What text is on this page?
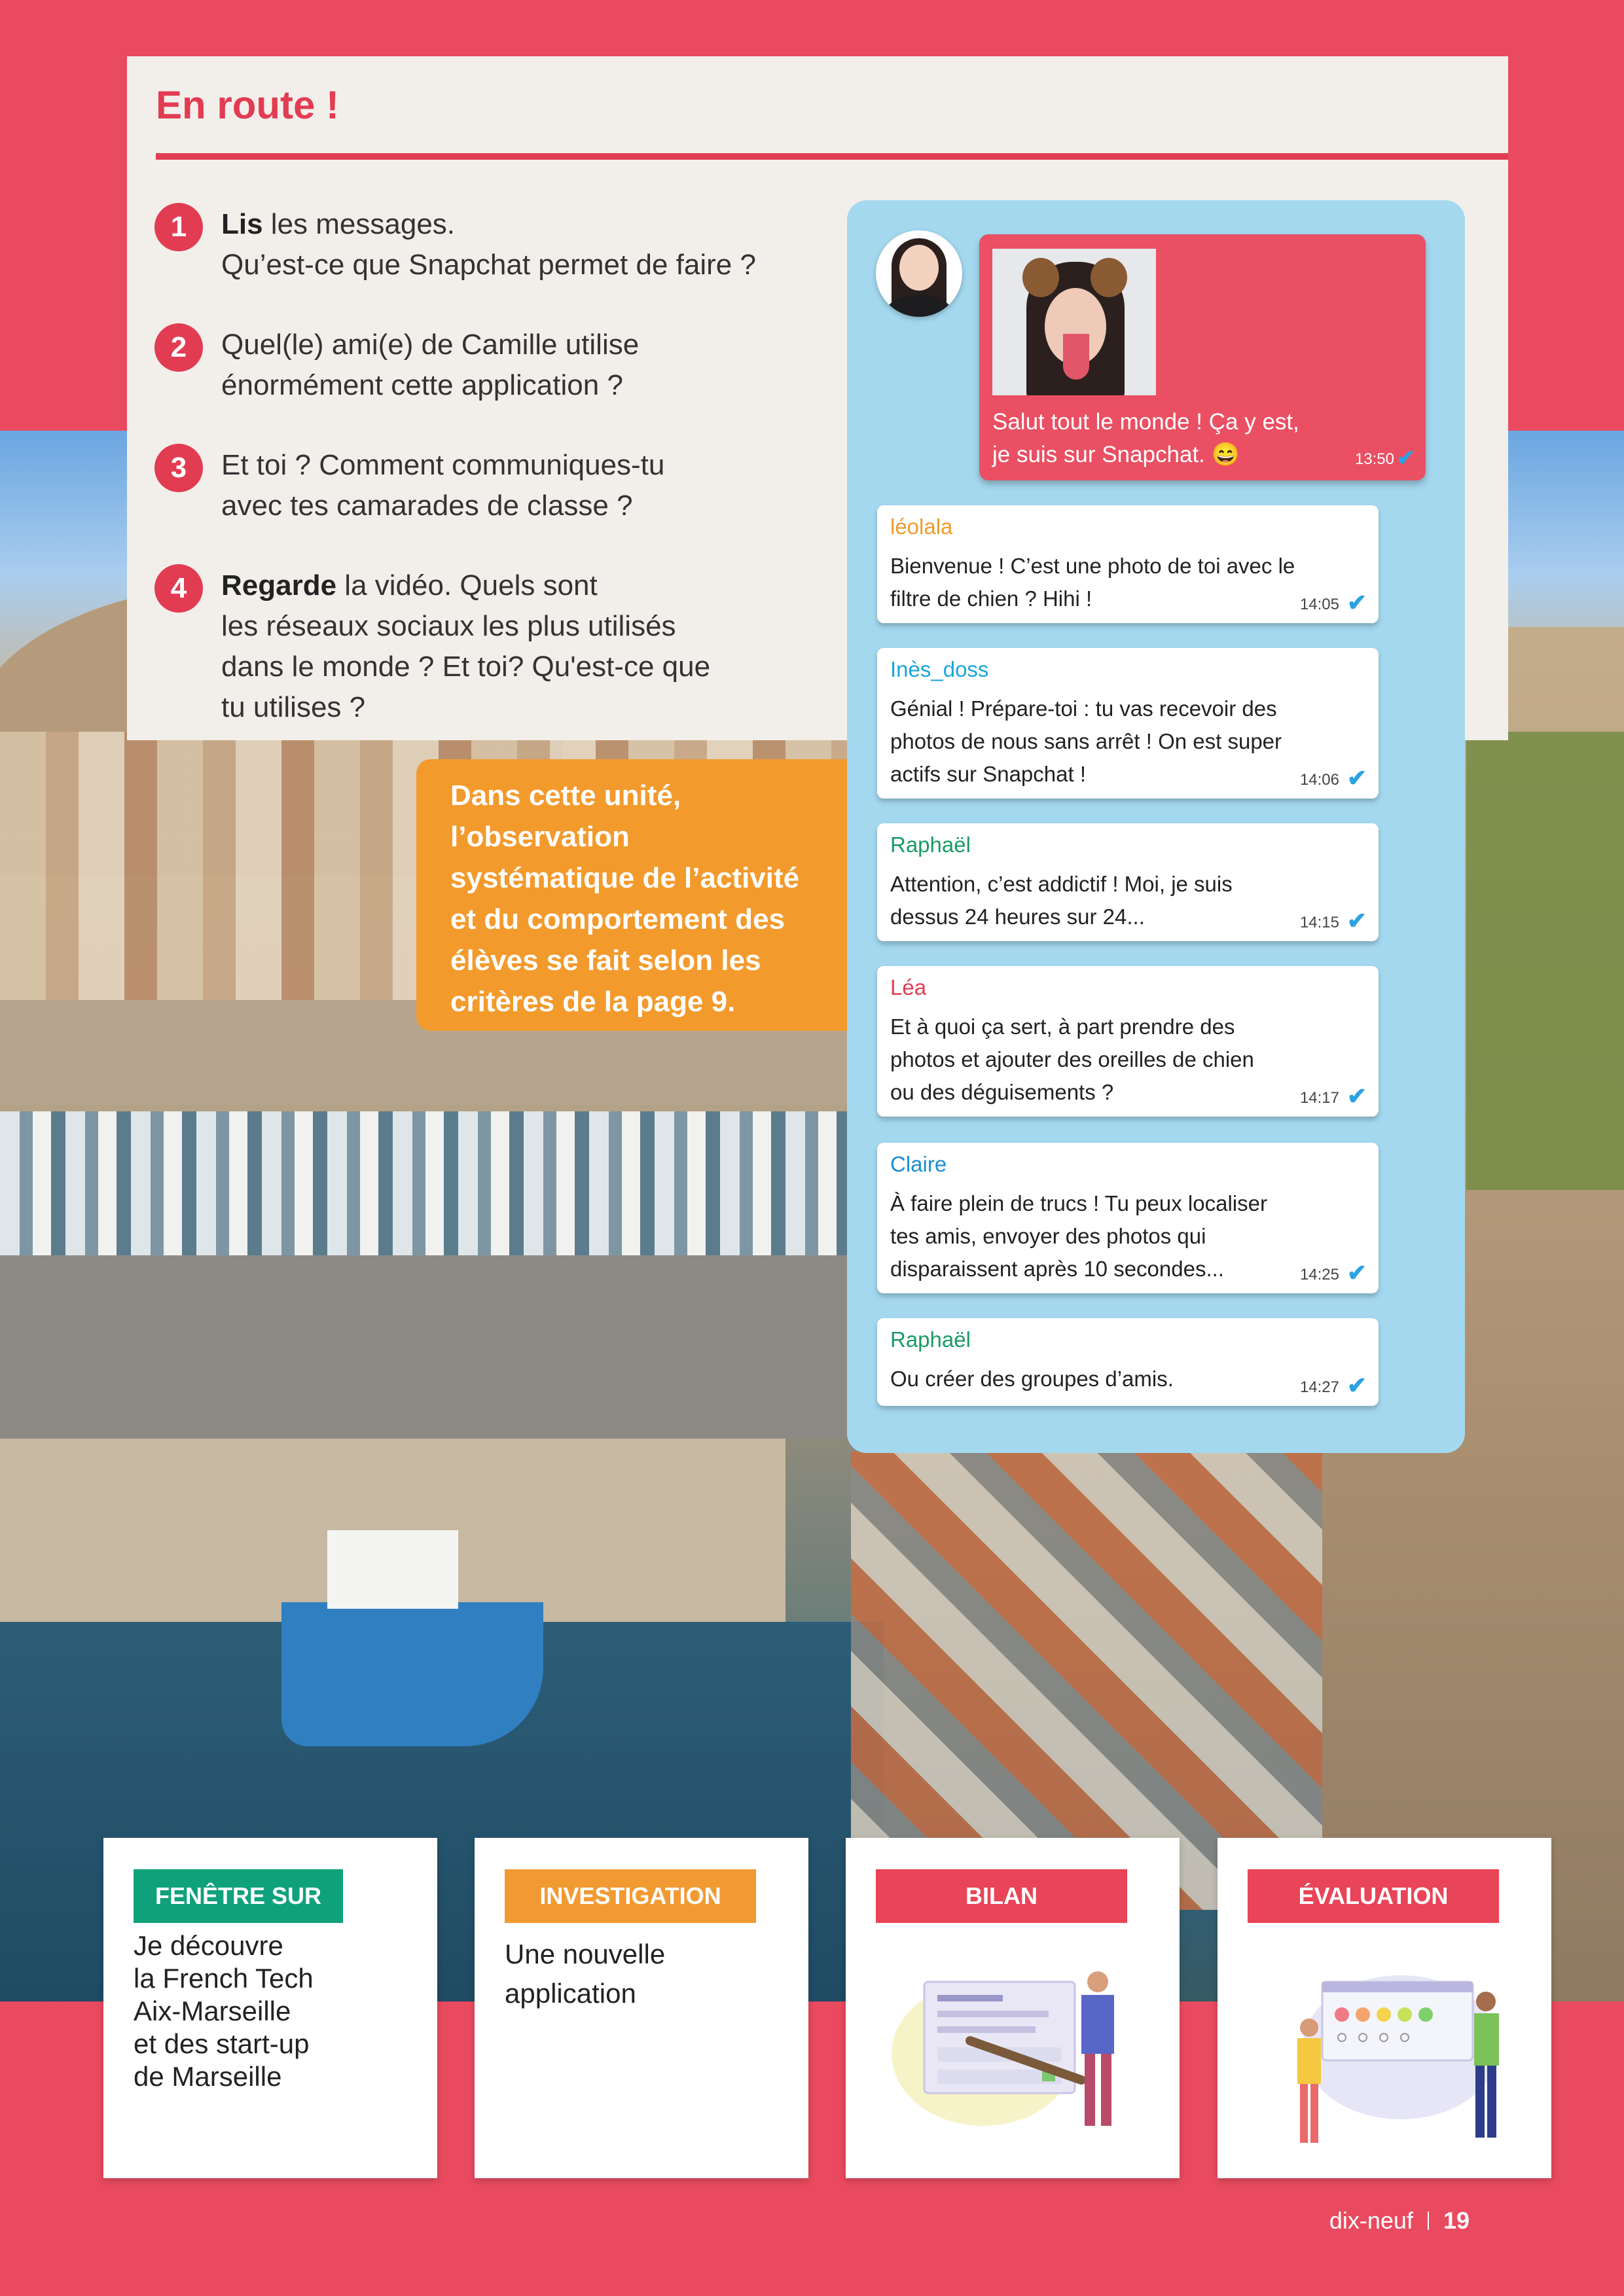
En route !
1	Lis les messages.
Qu’est-ce que Snapchat permet de faire ?
2	Quel(le) ami(e) de Camille utilise
énormément cette application ?
3	Et toi ? Comment communiques-tu
avec tes camarades de classe ?
4	Regarde la vidéo. Quels sont
les réseaux sociaux les plus utilisés
dans le monde ? Et toi? Qu'est-ce que
tu utilises ?
Dans cette unité,
l’observation
systématique de l’activité
et du comportement des
élèves se fait selon les
critères de la page 9.
Salut tout le monde ! Ça y est,
je suis sur Snapchat. 😄	13:50 ✔
léolala
Bienvenue ! C’est une photo de toi avec le
filtre de chien ? Hihi !	14:05 ✔
Inès_doss
Génial ! Prépare-toi : tu vas recevoir des
photos de nous sans arrêt ! On est super
actifs sur Snapchat !	14:06 ✔
Raphaël
Attention, c’est addictif ! Moi, je suis
dessus 24 heures sur 24...	14:15 ✔
Léa
Et à quoi ça sert, à part prendre des
photos et ajouter des oreilles de chien
ou des déguisements ?	14:17 ✔
Claire
À faire plein de trucs ! Tu peux localiser
tes amis, envoyer des photos qui
disparaissent après 10 secondes...	14:25 ✔
Raphaël
Ou créer des groupes d’amis.	14:27 ✔
FENÊTRE SUR
Je découvre
la French Tech
Aix-Marseille
et des start-up
de Marseille
INVESTIGATION
Une nouvelle
application
BILAN	ÉVALUATION
dix-neuf 19
